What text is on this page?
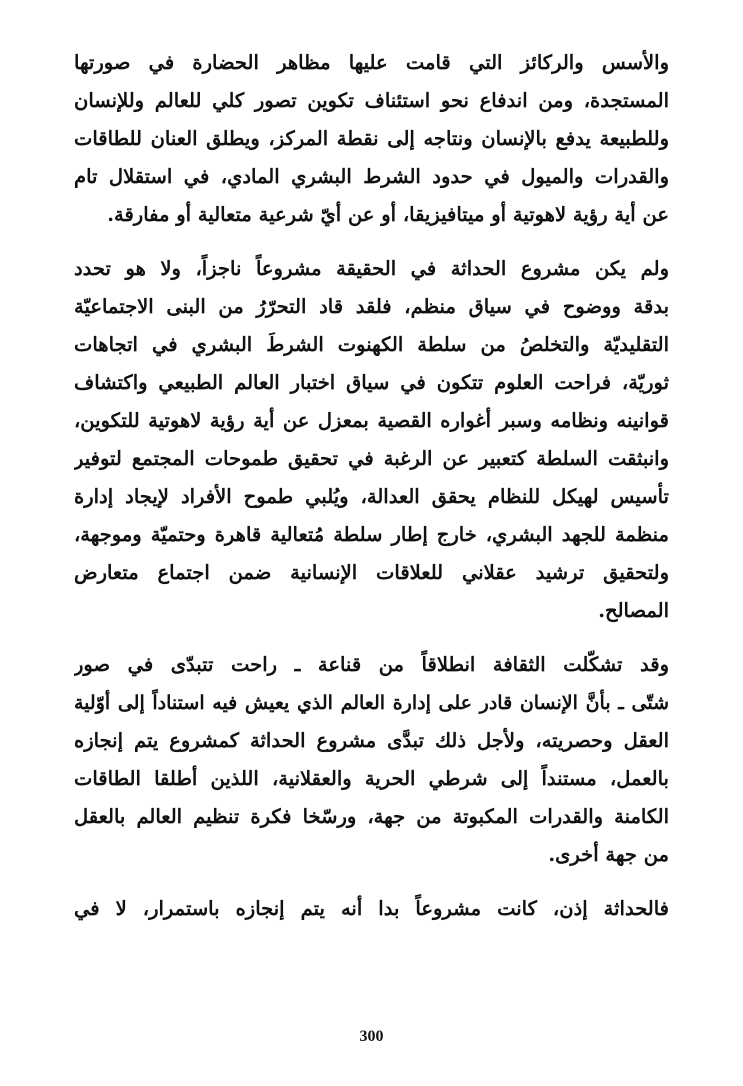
والأسس والركائز التي قامت عليها مظاهر الحضارة في صورتها
المستجدة، ومن اندفاع نحو استئناف تكوين تصور كلي للعالم وللإنسان
وللطبيعة يدفع بالإنسان ونتاجه إلى نقطة المركز، ويطلق العنان للطاقات
والقدرات والميول في حدود الشرط البشري المادي، في استقلال تام
عن أية رؤية لاهوتية أو ميتافيزيقا، أو عن أيّ شرعية متعالية أو مفارقة.

ولم يكن مشروع الحداثة في الحقيقة مشروعاً ناجزاً، ولا هو تحدد
بدقة ووضوح في سياق منظم، فلقد قاد التحرّرُ من البنى الاجتماعيّة
التقليديّة والتخلصُ من سلطة الكهنوت الشرطَ البشري في اتجاهات
ثوريّة، فراحت العلوم تتكون في سياق اختبار العالم الطبيعي واكتشاف
قوانينه ونظامه وسبر أغواره القصية بمعزل عن أية رؤية لاهوتية للتكوين،
وانبثقت السلطة كتعبير عن الرغبة في تحقيق طموحات المجتمع لتوفير
تأسيس لهيكل للنظام يحقق العدالة، ويُلبي طموح الأفراد لإيجاد إدارة
منظمة للجهد البشري، خارج إطار سلطة مُتعالية قاهرة وحتميّة وموجهة،
ولتحقيق ترشيد عقلاني للعلاقات الإنسانية ضمن اجتماع متعارض
المصالح.

وقد تشكّلت الثقافة انطلاقاً من قناعة ـ راحت تتبدّى في صور
شتّى ـ بأنَّ الإنسان قادر على إدارة العالم الذي يعيش فيه استناداً إلى أوّلية
العقل وحصريته، ولأجل ذلك تبدَّى مشروع الحداثة كمشروع يتم إنجازه
بالعمل، مستنداً إلى شرطي الحرية والعقلانية، اللذين أطلقا الطاقات
الكامنة والقدرات المكبوتة من جهة، ورسّخا فكرة تنظيم العالم بالعقل
من جهة أخرى.

فالحداثة إذن، كانت مشروعاً بدا أنه يتم إنجازه باستمرار، لا في

300
